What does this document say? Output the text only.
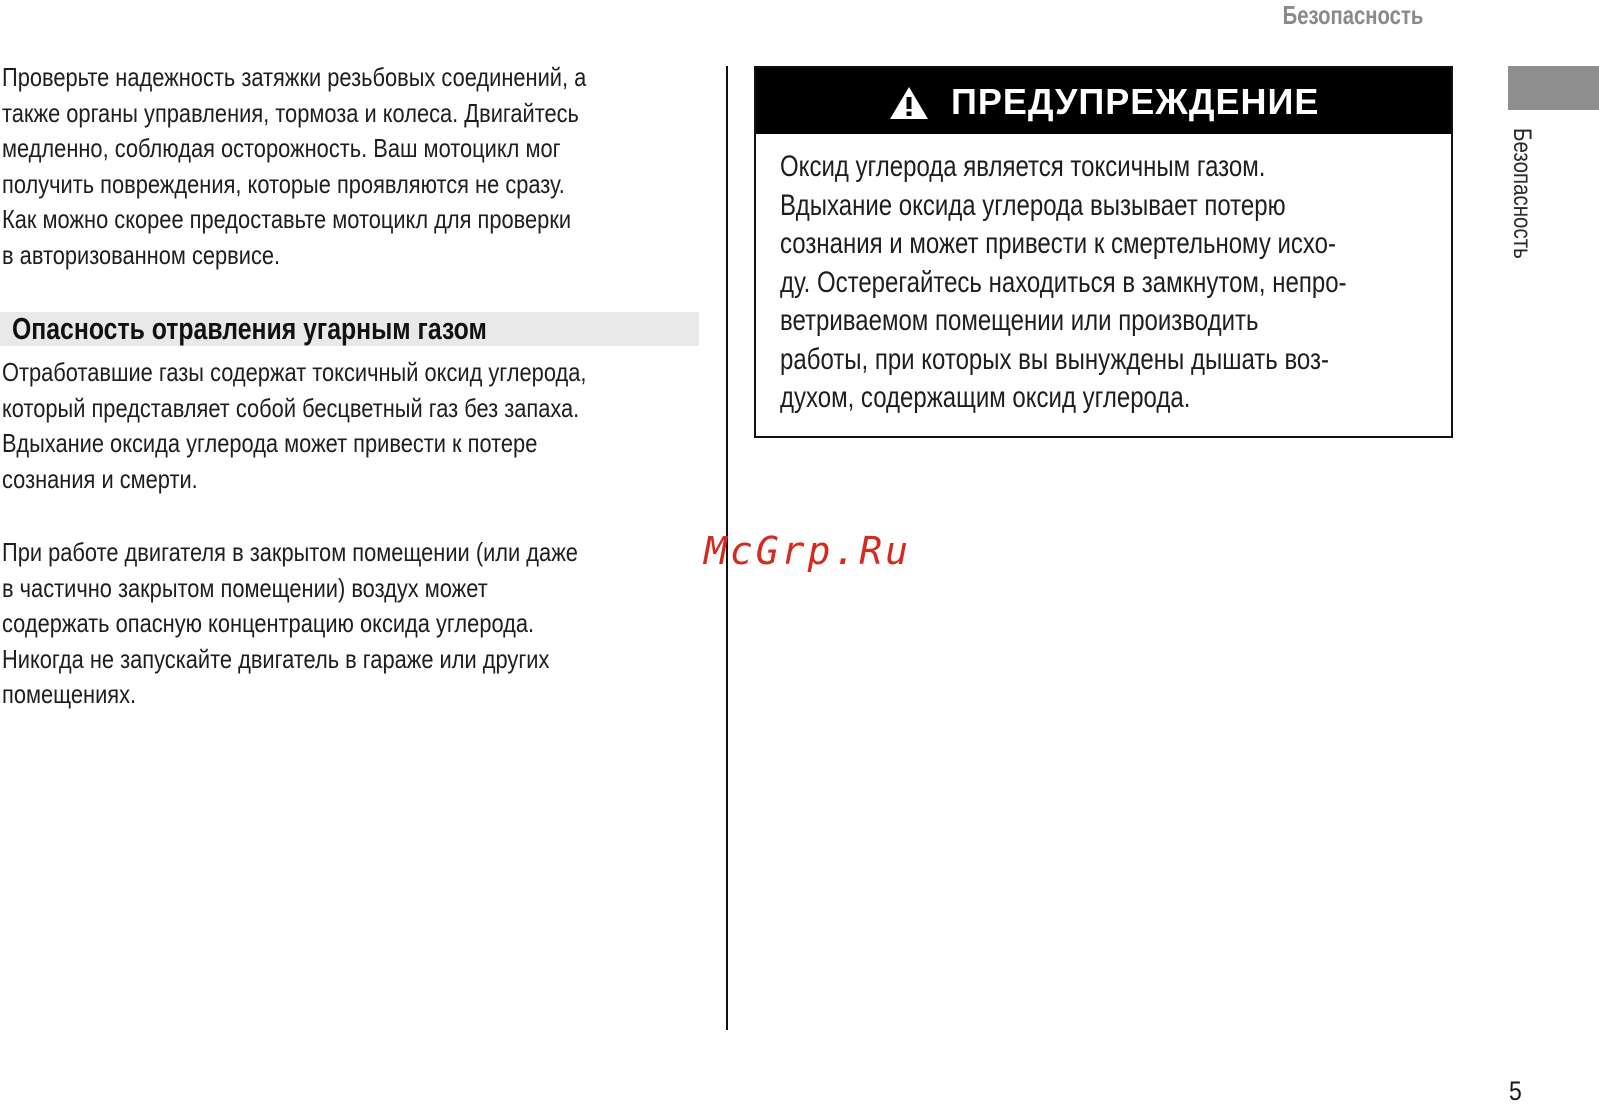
Безопасность

Проверьте надежность затяжки резьбовых соединений, а
также органы управления, тормоза и колеса. Двигайтесь
медленно, соблюдая осторожность. Ваш мотоцикл мог
получить повреждения, которые проявляются не сразу.
Как можно скорее предоставьте мотоцикл для проверки
в авторизованном сервисе.

Опасность отравления угарным газом

Отработавшие газы содержат токсичный оксид углерода,
который представляет собой бесцветный газ без запаха.
Вдыхание оксида углерода может привести к потере
сознания и смерти.

При работе двигателя в закрытом помещении (или даже
в частично закрытом помещении) воздух может
содержать опасную концентрацию оксида углерода.
Никогда не запускайте двигатель в гараже или других
помещениях.

ПРЕДУПРЕЖДЕНИЕ

Оксид углерода является токсичным газом.
Вдыхание оксида углерода вызывает потерю
сознания и может привести к смертельному исхо-
ду. Остерегайтесь находиться в замкнутом, непро-
ветриваемом помещении или производить
работы, при которых вы вынуждены дышать воз-
духом, содержащим оксид углерода.

Безопасность

McGrp.Ru

5
